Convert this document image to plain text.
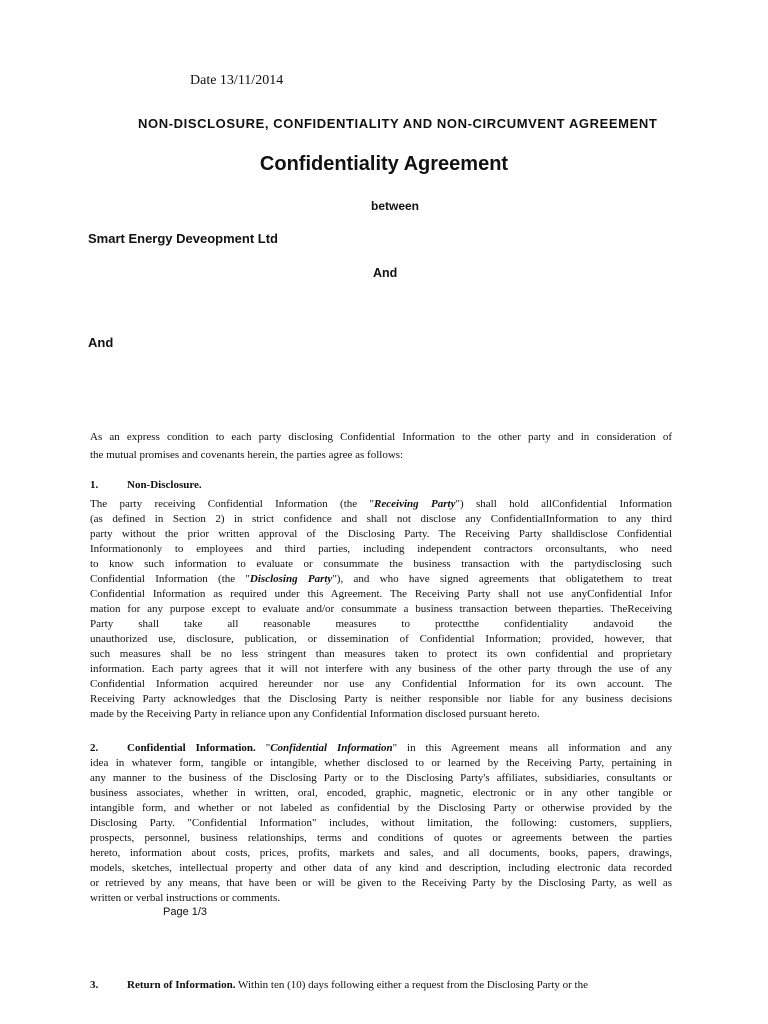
Date 13/11/2014
NON-DISCLOSURE, CONFIDENTIALITY AND NON-CIRCUMVENT AGREEMENT
Confidentiality Agreement
between
Smart Energy Deveopment Ltd
And
And
As an express condition to each party disclosing Confidential Information to the other party and in consideration of
the mutual promises and covenants herein, the parties agree as follows:
1.	Non-Disclosure.
The party receiving Confidential Information (the "Receiving Party") shall hold allConfidential Information
(as defined in Section 2) in strict confidence and shall not disclose any ConfidentialInformation to any third
party without the prior written approval of the Disclosing Party. The Receiving Party shalldisclose Confidential
Informationonly to employees and third parties, including independent contractors orconsultants, who need
to know such information to evaluate or consummate the business transaction with the partydisclosing such
Confidential Information (the "Disclosing Party"), and who have signed agreements that obligatethem to treat
Confidential Information as required under this Agreement. The Receiving Party shall not use anyConfidential Infor
mation for any purpose except to evaluate and/or consummate a business transaction between theparties. TheReceiving
Party shall take all reasonable measures to protectthe confidentiality andavoid the
unauthorized use, disclosure, publication, or dissemination of Confidential Information; provided, however, that
such measures shall be no less stringent than measures taken to protect its own confidential and proprietary
information. Each party agrees that it will not interfere with any business of the other party through the use of any
Confidential Information acquired hereunder nor use any Confidential Information for its own account. The
Receiving Party acknowledges that the Disclosing Party is neither responsible nor liable for any business decisions
made by the Receiving Party in reliance upon any Confidential Information disclosed pursuant hereto.
2.	Confidential Information. "Confidential Information" in this Agreement means all information and any
idea in whatever form, tangible or intangible, whether disclosed to or learned by the Receiving Party, pertaining in
any manner to the business of the Disclosing Party or to the Disclosing Party's affiliates, subsidiaries, consultants or
business associates, whether in written, oral, encoded, graphic, magnetic, electronic or in any other tangible or
intangible form, and whether or not labeled as confidential by the Disclosing Party or otherwise provided by the
Disclosing Party. "Confidential Information" includes, without limitation, the following: customers, suppliers,
prospects, personnel, business relationships, terms and conditions of quotes or agreements between the parties
hereto, information about costs, prices, profits, markets and sales, and all documents, books, papers, drawings,
models, sketches, intellectual property and other data of any kind and description, including electronic data recorded
or retrieved by any means, that have been or will be given to the Receiving Party by the Disclosing Party, as well as
written or verbal instructions or comments.
Page 1/3
3.	Return of Information. Within ten (10) days following either a request from the Disclosing Party or the
